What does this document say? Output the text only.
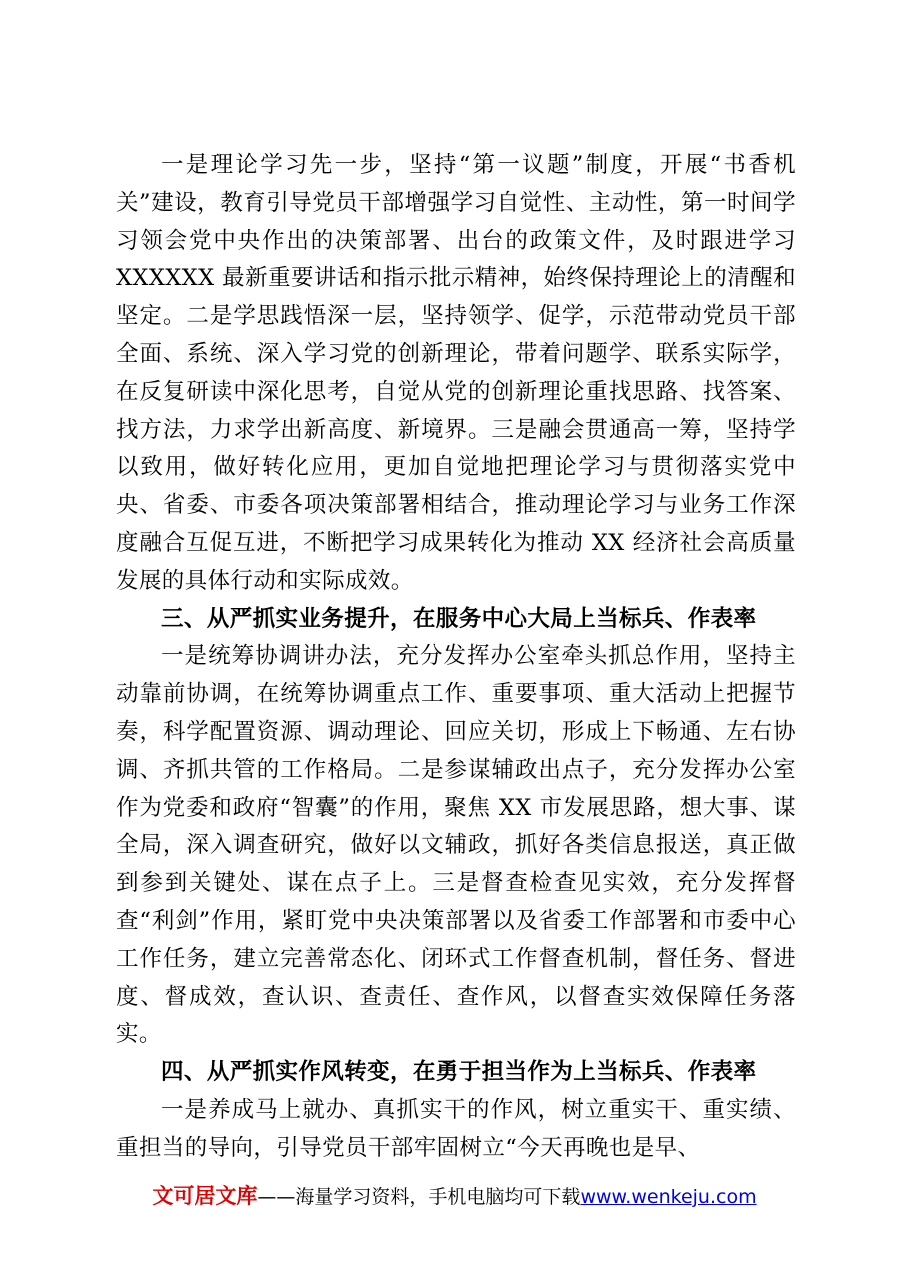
一是理论学习先一步，坚持“第一议题”制度，开展“书香机关”建设，教育引导党员干部增强学习自觉性、主动性，第一时间学习领会党中央作出的决策部署、出台的政策文件，及时跟进学习 XXXXXX 最新重要讲话和指示批示精神，始终保持理论上的清醒和坚定。二是学思践悟深一层，坚持领学、促学，示范带动党员干部全面、系统、深入学习党的创新理论，带着问题学、联系实际学，在反复研读中深化思考，自觉从党的创新理论重找思路、找答案、找方法，力求学出新高度、新境界。三是融会贯通高一筹，坚持学以致用，做好转化应用，更加自觉地把理论学习与贯彻落实党中央、省委、市委各项决策部署相结合，推动理论学习与业务工作深度融合互促互进，不断把学习成果转化为推动 XX 经济社会高质量发展的具体行动和实际成效。

三、从严抓实业务提升，在服务中心大局上当标兵、作表率

一是统筹协调讲办法，充分发挥办公室牵头抓总作用，坚持主动靠前协调，在统筹协调重点工作、重要事项、重大活动上把握节奏，科学配置资源、调动理论、回应关切，形成上下畅通、左右协调、齐抓共管的工作格局。二是参谋辅政出点子，充分发挥办公室作为党委和政府“智囊”的作用，聚焦 XX 市发展思路，想大事、谋全局，深入调查研究，做好以文辅政，抓好各类信息报送，真正做到参到关键处、谋在点子上。三是督查检查见实效，充分发挥督查“利剑”作用，紧盯党中央决策部署以及省委工作部署和市委中心工作任务，建立完善常态化、闭环式工作督查机制，督任务、督进度、督成效，查认识、查责任、查作风，以督查实效保障任务落实。

四、从严抓实作风转变，在勇于担当作为上当标兵、作表率

一是养成马上就办、真抓实干的作风，树立重实干、重实绩、重担当的导向，引导党员干部牢固树立“今天再晚也是早、

文可居文库——海量学习资料，手机电脑均可下载www.wenkeju.com
